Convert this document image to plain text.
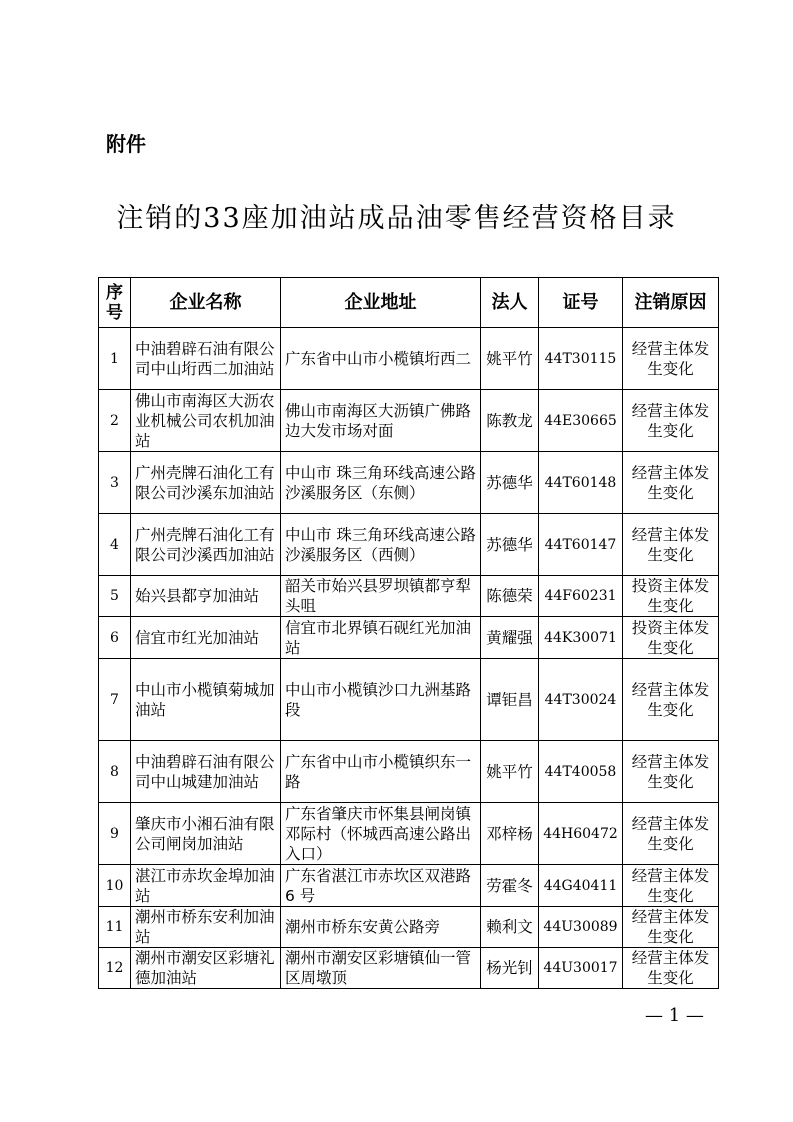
附件
注销的33座加油站成品油零售经营资格目录
序号	企业名称	企业地址	法人	证号	注销原因
1	中油碧辟石油有限公司中山垳西二加油站	广东省中山市小榄镇垳西二	姚平竹	44T30115	经营主体发生变化
2	佛山市南海区大沥农业机械公司农机加油站	佛山市南海区大沥镇广佛路边大发市场对面	陈教龙	44E30665	经营主体发生变化
3	广州壳牌石油化工有限公司沙溪东加油站	中山市 珠三角环线高速公路沙溪服务区（东侧）	苏德华	44T60148	经营主体发生变化
4	广州壳牌石油化工有限公司沙溪西加油站	中山市 珠三角环线高速公路沙溪服务区（西侧）	苏德华	44T60147	经营主体发生变化
5	始兴县都亨加油站	韶关市始兴县罗坝镇都亨犁头咀	陈德荣	44F60231	投资主体发生变化
6	信宜市红光加油站	信宜市北界镇石砚红光加油站	黄耀强	44K30071	投资主体发生变化
7	中山市小榄镇菊城加油站	中山市小榄镇沙口九洲基路段	谭钜昌	44T30024	经营主体发生变化
8	中油碧辟石油有限公司中山城建加油站	广东省中山市小榄镇织东一路	姚平竹	44T40058	经营主体发生变化
9	肇庆市小湘石油有限公司闸岗加油站	广东省肇庆市怀集县闸岗镇邓际村（怀城西高速公路出入口）	邓梓杨	44H60472	经营主体发生变化
10	湛江市赤坎金埠加油站	广东省湛江市赤坎区双港路 6 号	劳霍冬	44G40411	经营主体发生变化
11	潮州市桥东安利加油站	潮州市桥东安黄公路旁	赖利文	44U30089	经营主体发生变化
12	潮州市潮安区彩塘礼德加油站	潮州市潮安区彩塘镇仙一管区周墩顶	杨光钊	44U30017	经营主体发生变化
— 1 —
